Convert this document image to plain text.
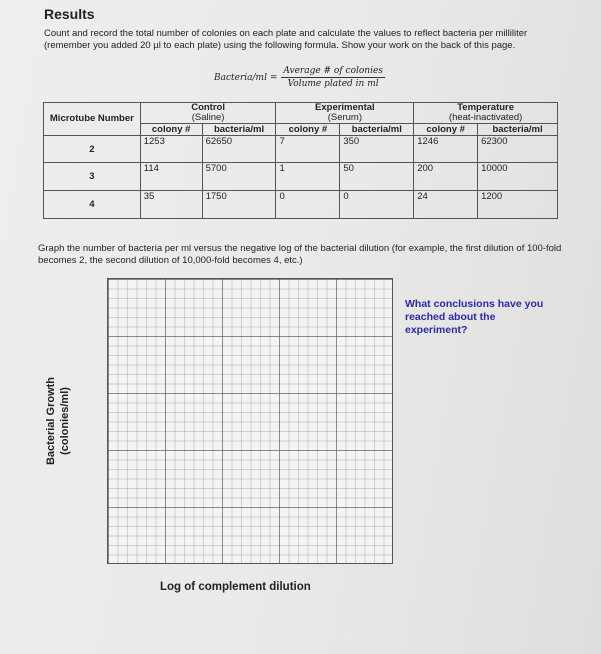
Results
Count and record the total number of colonies on each plate and calculate the values to reflect bacteria per milliliter (remember you added 20 µl to each plate) using the following formula. Show your work on the back of this page.
Bacteria/ml = $\frac{\text{Average \# of colonies}}{\text{Volume plated in ml}}$
Microtube Number	Control
(Saline)		Experimental
(Serum)		Temperature
(heat-inactivated)	

	colony #	bacteria/ml	colony #	bacteria/ml	colony #	bacteria/ml
2	1253	62650	7	350	1246	62300
3	114	5700	1	50	200	10000
4	35	1750	0	0	24	1200
Graph the number of bacteria per ml versus the negative log of the bacterial dilution (for example, the first dilution of 100-fold becomes 2, the second dilution of 10,000-fold becomes 4, etc.)
Bacterial Growth (colonies/ml)
Log of complement dilution
What conclusions have you reached about the experiment?
